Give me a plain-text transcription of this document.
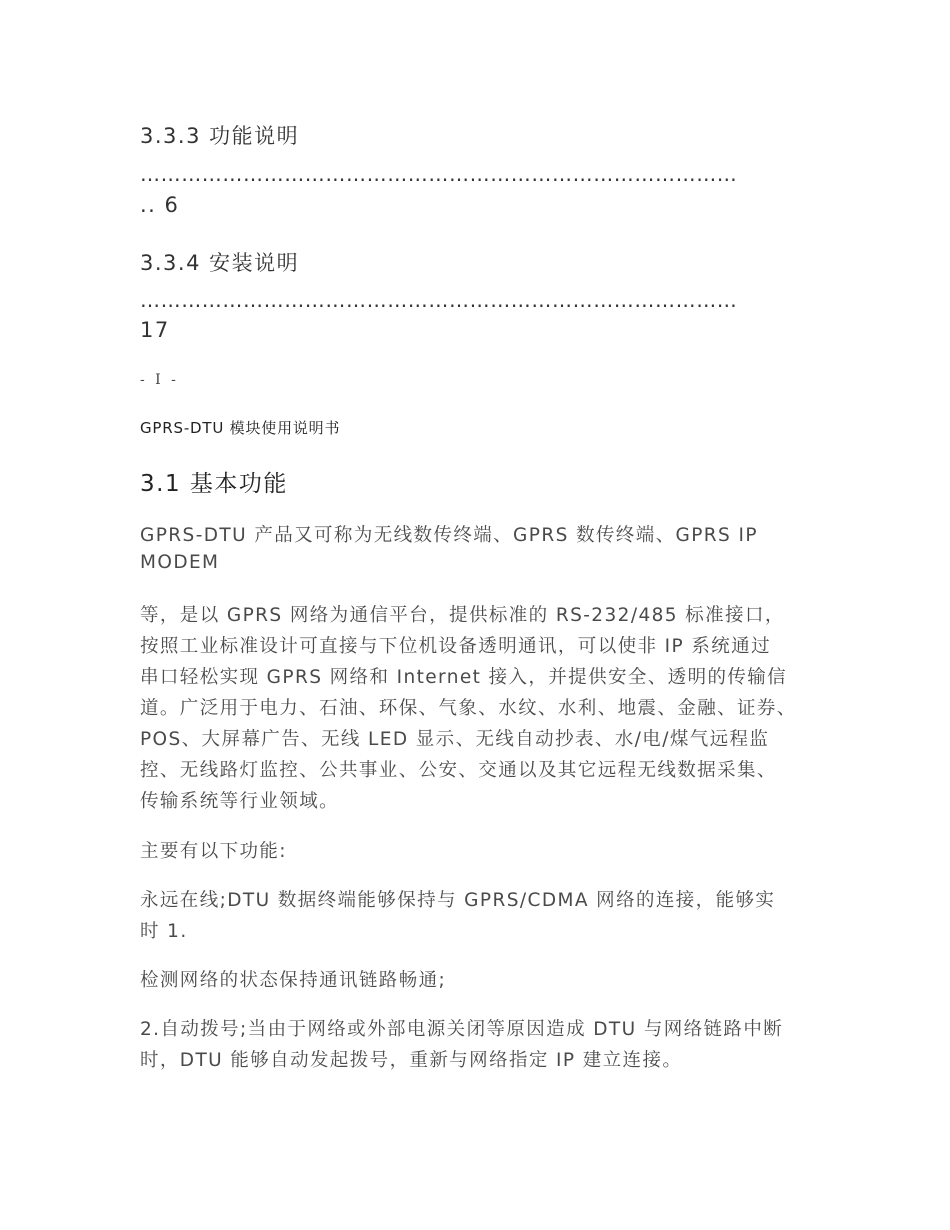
3.3.3 功能说明
……………………………………………………………………………
.. 6
3.3.4 安装说明
……………………………………………………………………………
17
- I -
GPRS-DTU 模块使用说明书
3.1 基本功能
GPRS-DTU 产品又可称为无线数传终端、GPRS 数传终端、GPRS IP
MODEM
等，是以 GPRS 网络为通信平台，提供标准的 RS-232/485 标准接口，
按照工业标准设计可直接与下位机设备透明通讯，可以使非 IP 系统通过
串口轻松实现 GPRS 网络和 Internet 接入，并提供安全、透明的传输信
道。广泛用于电力、石油、环保、气象、水纹、水利、地震、金融、证券、
POS、大屏幕广告、无线 LED 显示、无线自动抄表、水/电/煤气远程监
控、无线路灯监控、公共事业、公安、交通以及其它远程无线数据采集、
传输系统等行业领域。
主要有以下功能:
永远在线;DTU 数据终端能够保持与 GPRS/CDMA 网络的连接，能够实
时 1.
检测网络的状态保持通讯链路畅通;
2.自动拨号;当由于网络或外部电源关闭等原因造成 DTU 与网络链路中断
时，DTU 能够自动发起拨号，重新与网络指定 IP 建立连接。
